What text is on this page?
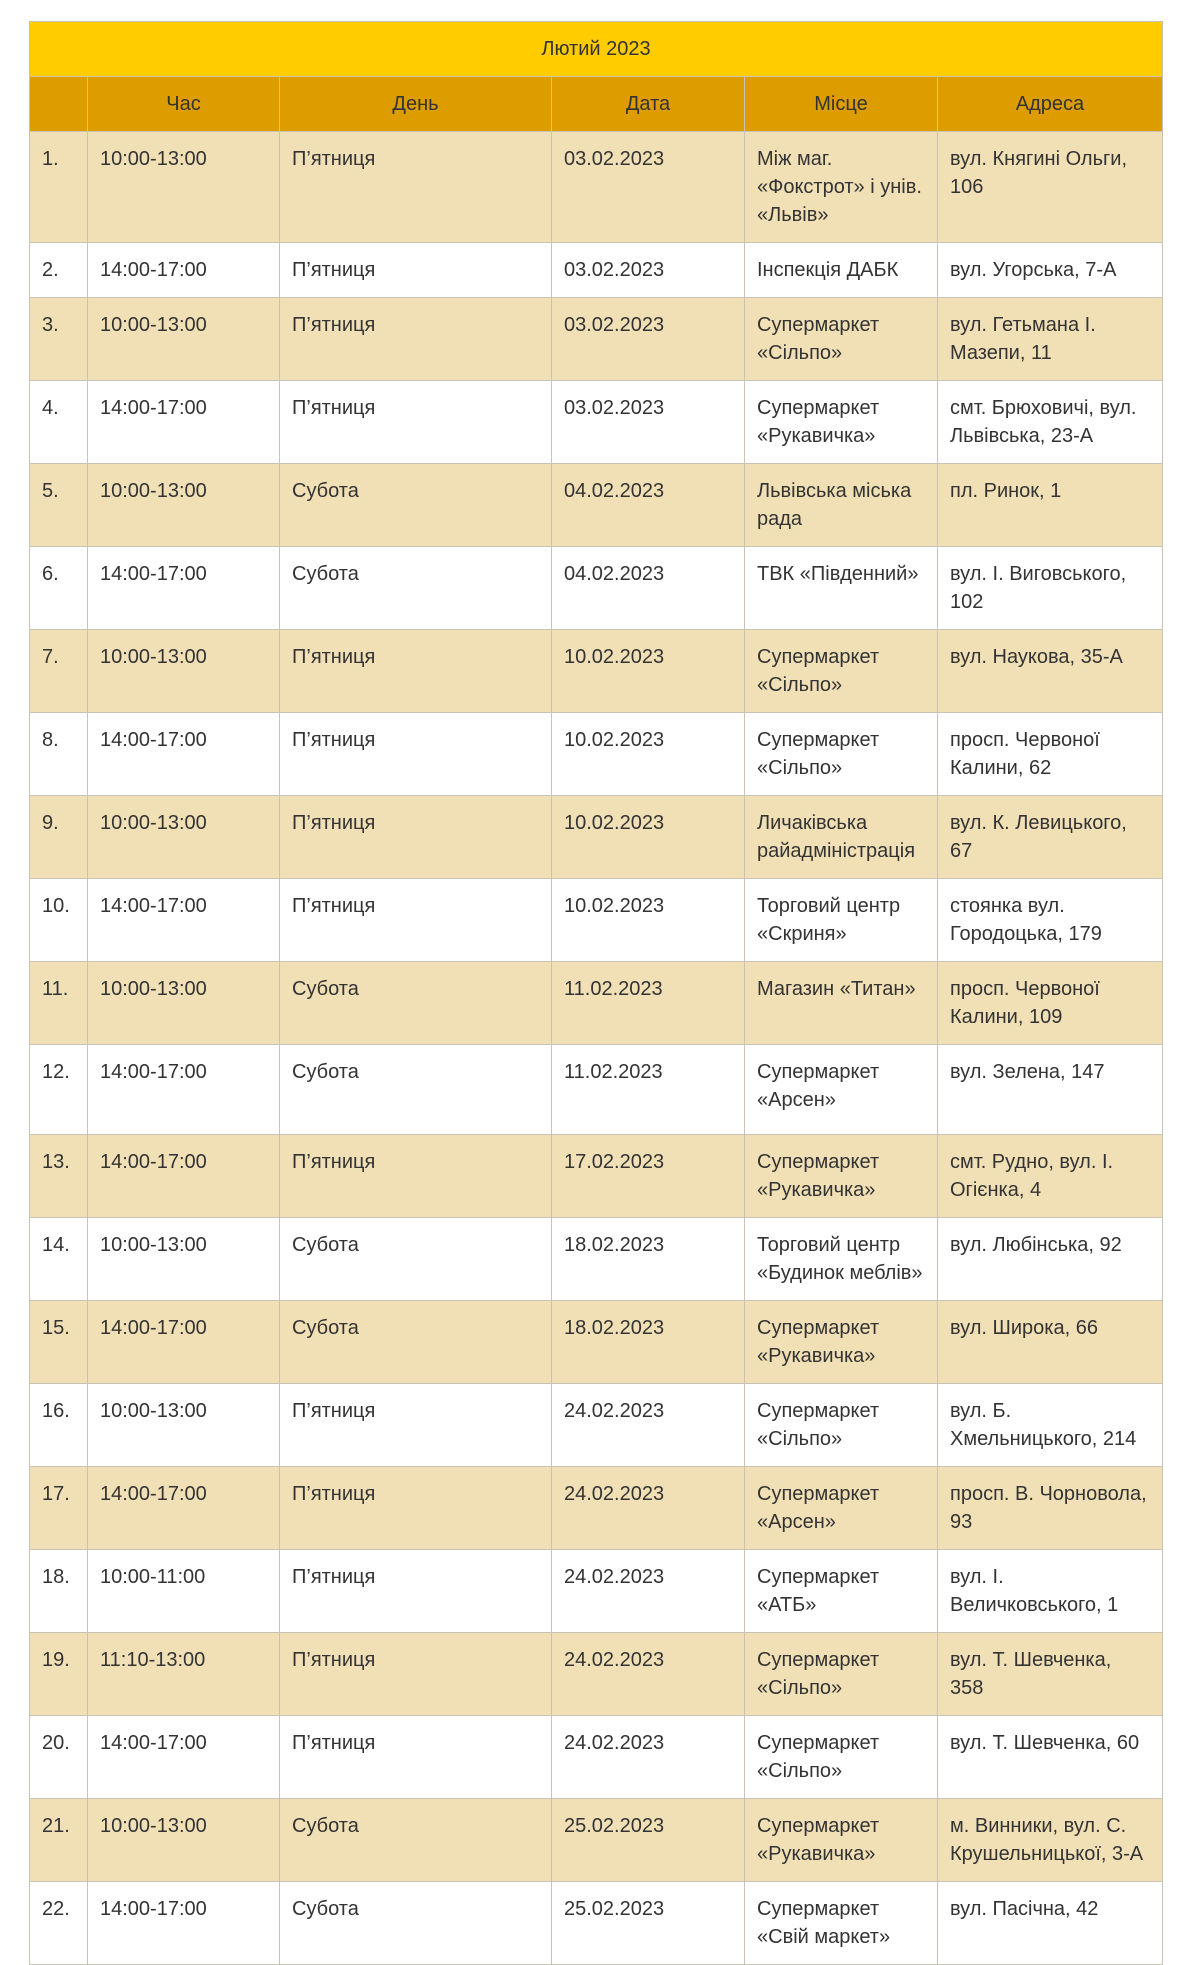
Лютий 2023					
	Час	День	Дата	Місце	Адреса
1.	10:00-13:00	П’ятниця	03.02.2023	Між маг. «Фокстрот» і унів. «Львів»	вул. Княгині Ольги, 106
2.	14:00-17:00	П’ятниця	03.02.2023	Інспекція ДАБК	вул. Угорська, 7-А
3.	10:00-13:00	П’ятниця	03.02.2023	Супермаркет «Сільпо»	вул. Гетьмана І. Мазепи, 11
4.	14:00-17:00	П’ятниця	03.02.2023	Супермаркет «Рукавичка»	смт. Брюховичі, вул. Львівська, 23-А
5.	10:00-13:00	Субота	04.02.2023	Львівська міська рада	пл. Ринок, 1
6.	14:00-17:00	Субота	04.02.2023	ТВК «Південний»	вул. І. Виговського, 102
7.	10:00-13:00	П’ятниця	10.02.2023	Супермаркет «Сільпо»	вул. Наукова, 35-А
8.	14:00-17:00	П’ятниця	10.02.2023	Супермаркет «Сільпо»	просп. Червоної Калини, 62
9.	10:00-13:00	П’ятниця	10.02.2023	Личаківська райадміністрація	вул. К. Левицького, 67
10.	14:00-17:00	П’ятниця	10.02.2023	Торговий центр «Скриня»	стоянка вул. Городоцька, 179
11.	10:00-13:00	Субота	11.02.2023	Магазин «Титан»	просп. Червоної Калини, 109
12.	14:00-17:00	Субота	11.02.2023	Супермаркет «Арсен»	вул. Зелена, 147
13.	14:00-17:00	П’ятниця	17.02.2023	Супермаркет «Рукавичка»	смт. Рудно, вул. І. Огієнка, 4
14.	10:00-13:00	Субота	18.02.2023	Торговий центр «Будинок меблів»	вул. Любінська, 92
15.	14:00-17:00	Субота	18.02.2023	Супермаркет «Рукавичка»	вул. Широка, 66
16.	10:00-13:00	П’ятниця	24.02.2023	Супермаркет «Сільпо»	вул. Б. Хмельницького, 214
17.	14:00-17:00	П’ятниця	24.02.2023	Супермаркет «Арсен»	просп. В. Чорновола, 93
18.	10:00-11:00	П’ятниця	24.02.2023	Супермаркет «АТБ»	вул. І. Величковського, 1
19.	11:10-13:00	П’ятниця	24.02.2023	Супермаркет «Сільпо»	вул. Т. Шевченка, 358
20.	14:00-17:00	П’ятниця	24.02.2023	Супермаркет «Сільпо»	вул. Т. Шевченка, 60
21.	10:00-13:00	Субота	25.02.2023	Супермаркет «Рукавичка»	м. Винники, вул. С. Крушельницької, 3-А
22.	14:00-17:00	Субота	25.02.2023	Супермаркет «Свій маркет»	вул. Пасічна, 42
